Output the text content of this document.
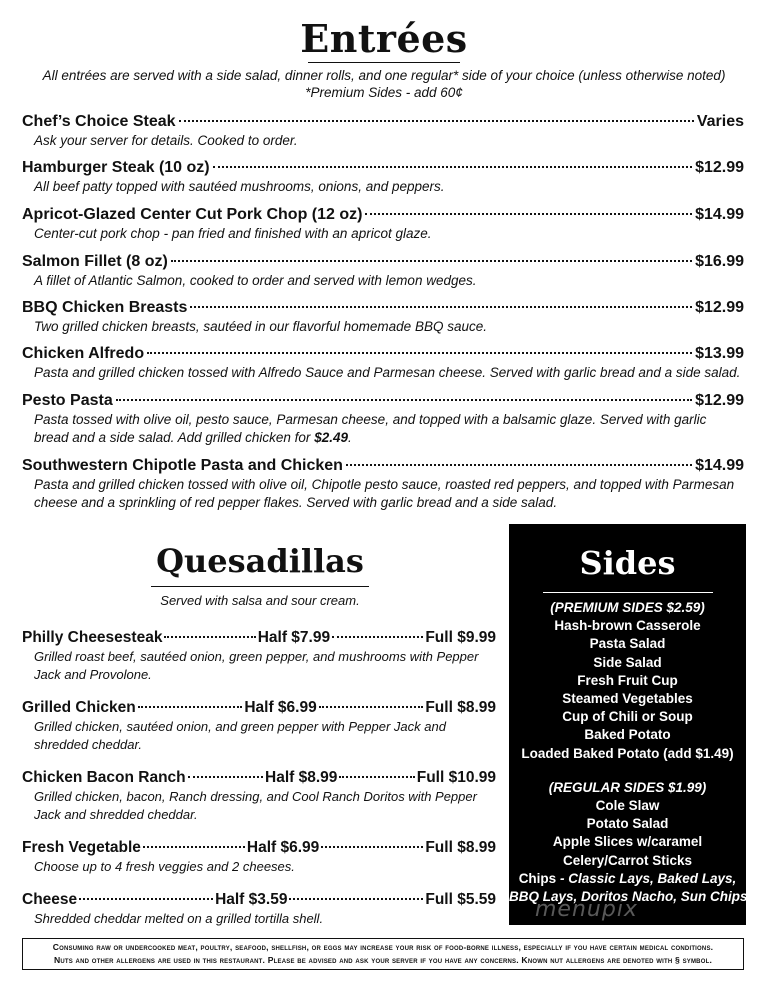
Entrées
All entrées are served with a side salad, dinner rolls, and one regular* side of your choice (unless otherwise noted)
*Premium Sides - add 60¢
Chef’s Choice Steak	Varies
Ask your server for details. Cooked to order.
Hamburger Steak (10 oz)	$12.99
All beef patty topped with sautéed mushrooms, onions, and peppers.
Apricot-Glazed Center Cut Pork Chop (12 oz)	$14.99
Center-cut pork chop - pan fried and finished with an apricot glaze.
Salmon Fillet (8 oz)	$16.99
A fillet of Atlantic Salmon, cooked to order and served with lemon wedges.
BBQ Chicken Breasts	$12.99
Two grilled chicken breasts, sautéed in our flavorful homemade BBQ sauce.
Chicken Alfredo	$13.99
Pasta and grilled chicken tossed with Alfredo Sauce and Parmesan cheese. Served with garlic bread and a side salad.
Pesto Pasta	$12.99
Pasta tossed with olive oil, pesto sauce, Parmesan cheese, and topped with a balsamic glaze. Served with garlic bread and a side salad. Add grilled chicken for $2.49.
Southwestern Chipotle Pasta and Chicken	$14.99
Pasta and grilled chicken tossed with olive oil, Chipotle pesto sauce, roasted red peppers, and topped with Parmesan cheese and a sprinkling of red pepper flakes. Served with garlic bread and a side salad.
Quesadillas
Served with salsa and sour cream.
Philly Cheesesteak	Half $7.99	Full $9.99
Grilled roast beef, sautéed onion, green pepper, and mushrooms with Pepper Jack and Provolone.
Grilled Chicken	Half $6.99	Full $8.99
Grilled chicken, sautéed onion, and green pepper with Pepper Jack and shredded cheddar.
Chicken Bacon Ranch	Half $8.99	Full $10.99
Grilled chicken, bacon, Ranch dressing, and Cool Ranch Doritos with Pepper Jack and shredded cheddar.
Fresh Vegetable	Half $6.99	Full $8.99
Choose up to 4 fresh veggies and 2 cheeses.
Cheese	Half $3.59	Full $5.59
Shredded cheddar melted on a grilled tortilla shell.
Sides
(PREMIUM SIDES $2.59)
Hash-brown Casserole
Pasta Salad
Side Salad
Fresh Fruit Cup
Steamed Vegetables
Cup of Chili or Soup
Baked Potato
Loaded Baked Potato (add $1.49)
(REGULAR SIDES $1.99)
Cole Slaw
Potato Salad
Apple Slices w/caramel
Celery/Carrot Sticks
Chips - Classic Lays, Baked Lays,
BBQ Lays, Doritos Nacho, Sun Chips
menupix
Consuming raw or undercooked meat, poultry, seafood, shellfish, or eggs may increase your risk of food-borne illness, especially if you have certain medical conditions.
Nuts and other allergens are used in this restaurant. Please be advised and ask your server if you have any concerns. Known nut allergens are denoted with § symbol.
